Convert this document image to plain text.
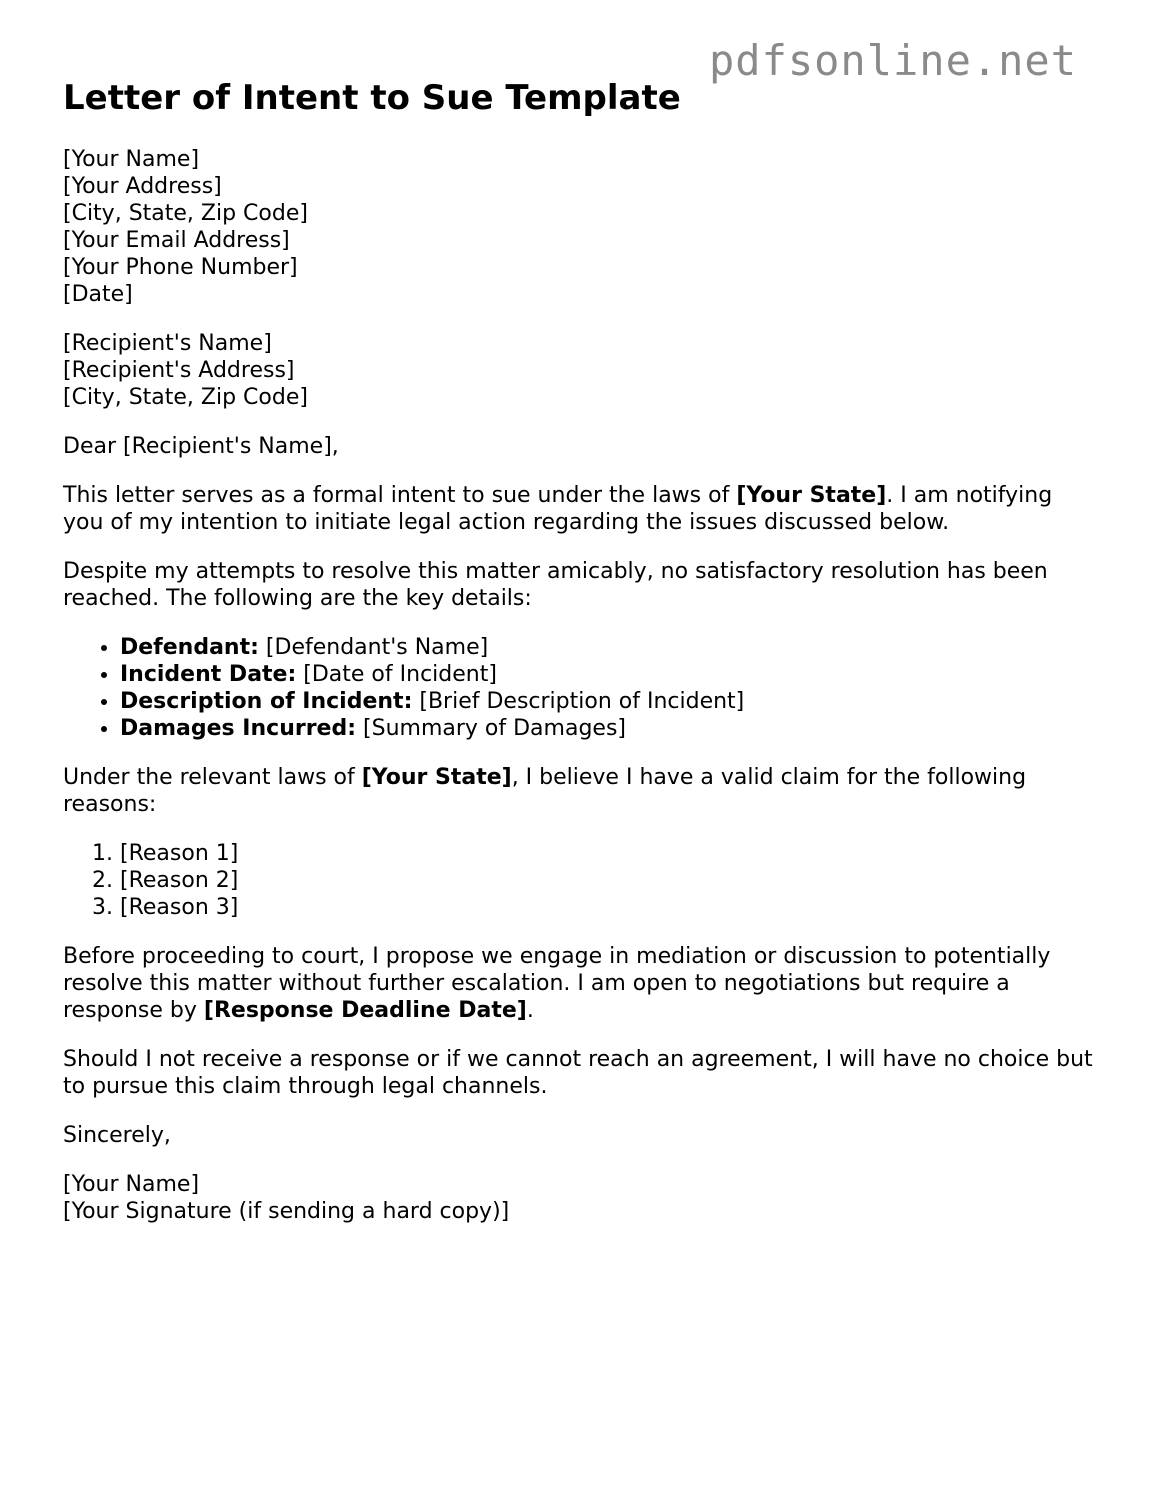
pdfsonline.net
Letter of Intent to Sue Template
[Your Name]
[Your Address]
[City, State, Zip Code]
[Your Email Address]
[Your Phone Number]
[Date]
[Recipient's Name]
[Recipient's Address]
[City, State, Zip Code]

Dear [Recipient's Name],

This letter serves as a formal intent to sue under the laws of [Your State]. I am notifying you of my intention to initiate legal action regarding the issues discussed below.

Despite my attempts to resolve this matter amicably, no satisfactory resolution has been reached. The following are the key details:

• Defendant: [Defendant's Name]
• Incident Date: [Date of Incident]
• Description of Incident: [Brief Description of Incident]
• Damages Incurred: [Summary of Damages]

Under the relevant laws of [Your State], I believe I have a valid claim for the following reasons:

1. [Reason 1]
2. [Reason 2]
3. [Reason 3]

Before proceeding to court, I propose we engage in mediation or discussion to potentially resolve this matter without further escalation. I am open to negotiations but require a response by [Response Deadline Date].

Should I not receive a response or if we cannot reach an agreement, I will have no choice but to pursue this claim through legal channels.

Sincerely,

[Your Name]
[Your Signature (if sending a hard copy)]
